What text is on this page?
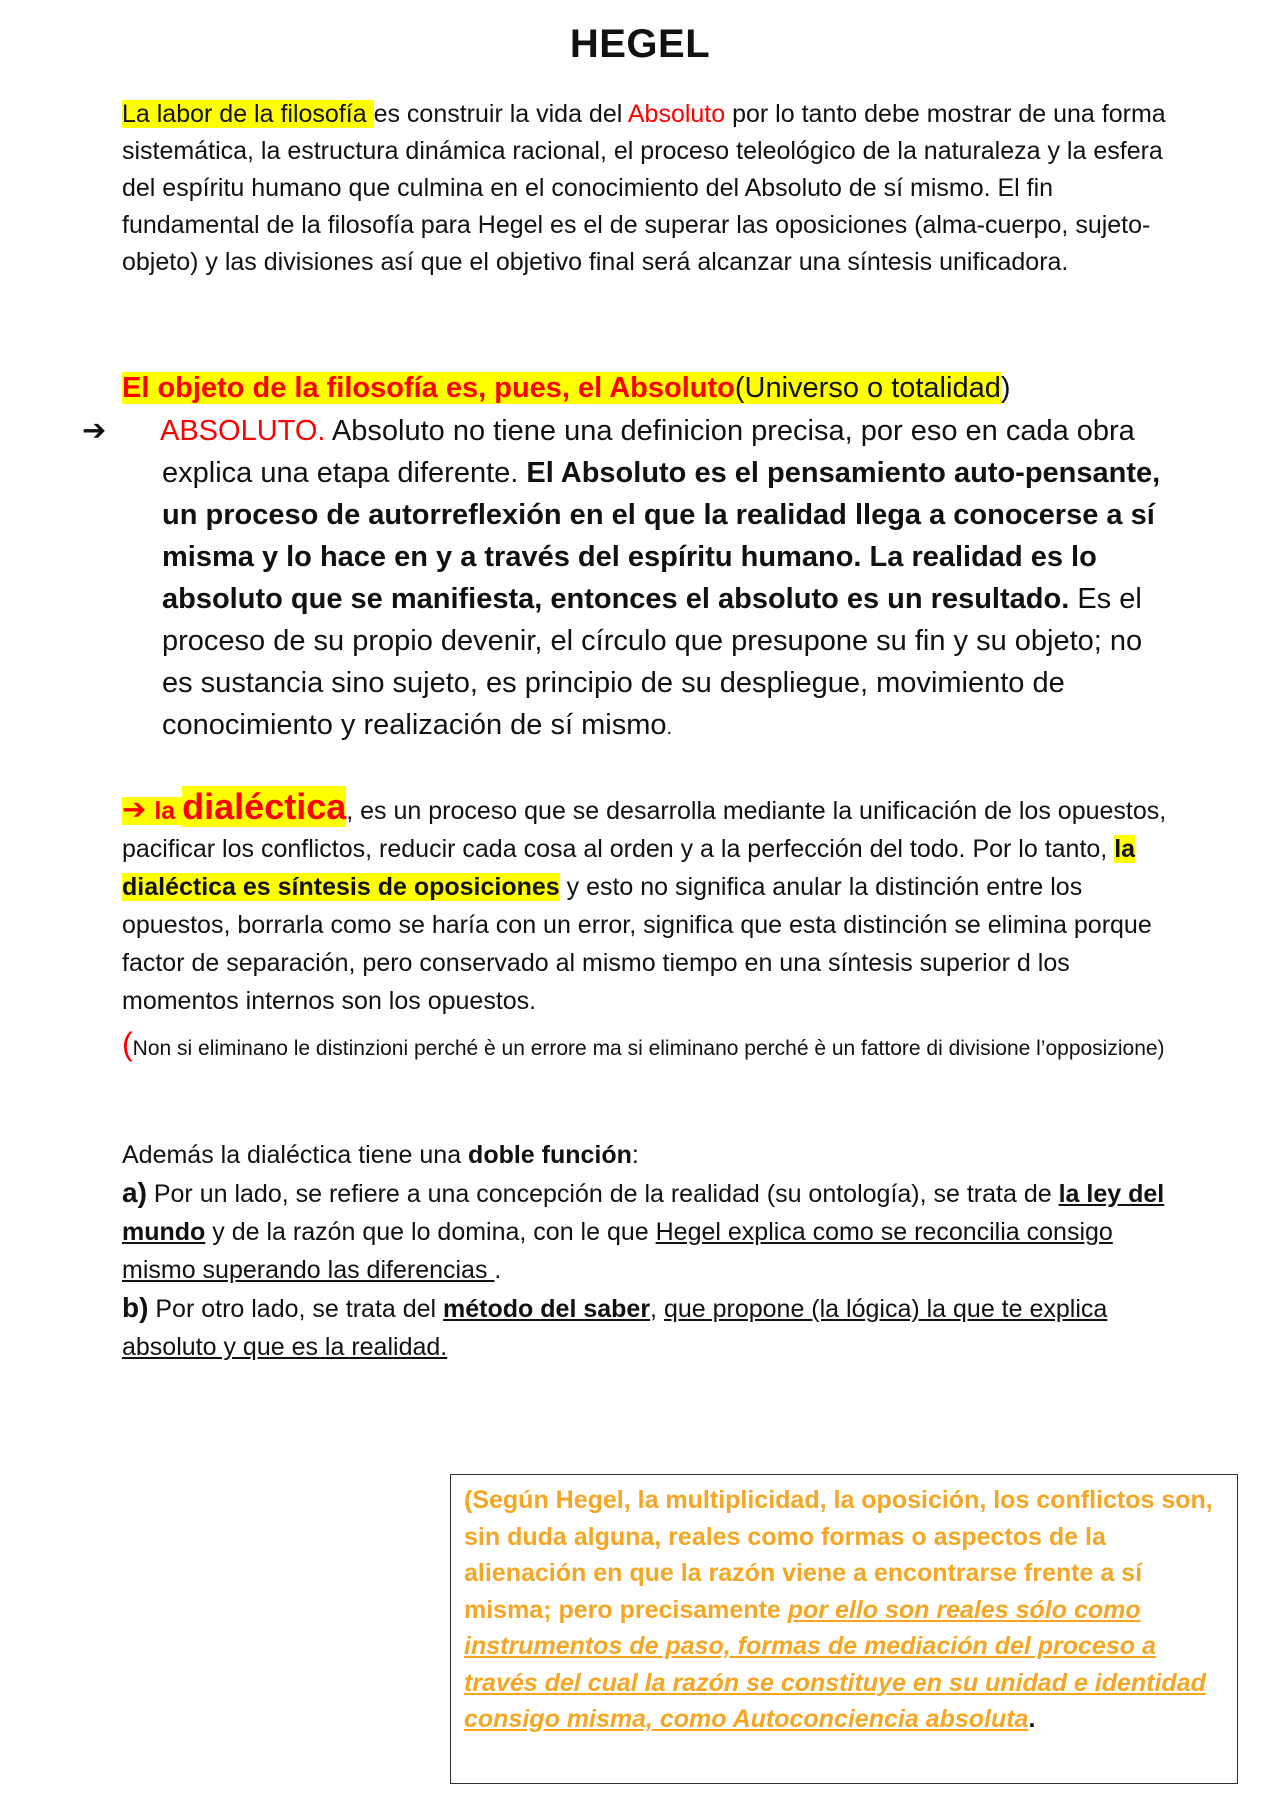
HEGEL

La labor de la filosofía es construir la vida del Absoluto por lo tanto debe mostrar de una forma sistemática, la estructura dinámica racional, el proceso teleológico de la naturaleza y la esfera del espíritu humano que culmina en el conocimiento del Absoluto de sí mismo. El fin fundamental de la filosofía para Hegel es el de superar las oposiciones (alma-cuerpo, sujeto-objeto) y las divisiones así que el objetivo final será alcanzar una síntesis unificadora.

El objeto de la filosofía es, pues, el Absoluto(Universo o totalidad)
➔ ABSOLUTO. Absoluto no tiene una definicion precisa, por eso en cada obra explica una etapa diferente. El Absoluto es el pensamiento auto-pensante, un proceso de autorreflexión en el que la realidad llega a conocerse a sí misma y lo hace en y a través del espíritu humano. La realidad es lo absoluto que se manifiesta, entonces el absoluto es un resultado. Es el proceso de su propio devenir, el círculo que presupone su fin y su objeto; no es sustancia sino sujeto, es principio de su despliegue, movimiento de conocimiento y realización de sí mismo.
➔ la dialéctica, es un proceso que se desarrolla mediante la unificación de los opuestos, pacificar los conflictos, reducir cada cosa al orden y a la perfección del todo. Por lo tanto, la dialéctica es síntesis de oposiciones y esto no significa anular la distinción entre los opuestos, borrarla como se haría con un error, significa que esta distinción se elimina porque factor de separación, pero conservado al mismo tiempo en una síntesis superior d los momentos internos son los opuestos.
(Non si eliminano le distinzioni perché è un errore ma si eliminano perché è un fattore di divisione l’opposizione)
Además la dialéctica tiene una doble función:
a) Por un lado, se refiere a una concepción de la realidad (su ontología), se trata de la ley del mundo y de la razón que lo domina, con le que Hegel explica como se reconcilia consigo mismo superando las diferencias .
b) Por otro lado, se trata del método del saber, que propone (la lógica) la que te explica absoluto y que es la realidad.
(Según Hegel, la multiplicidad, la oposición, los conflictos son, sin duda alguna, reales como formas o aspectos de la alienación en que la razón viene a encontrarse frente a sí misma; pero precisamente por ello son reales sólo como instrumentos de paso, formas de mediación del proceso a través del cual la razón se constituye en su unidad e identidad consigo misma, como Autoconciencia absoluta.
